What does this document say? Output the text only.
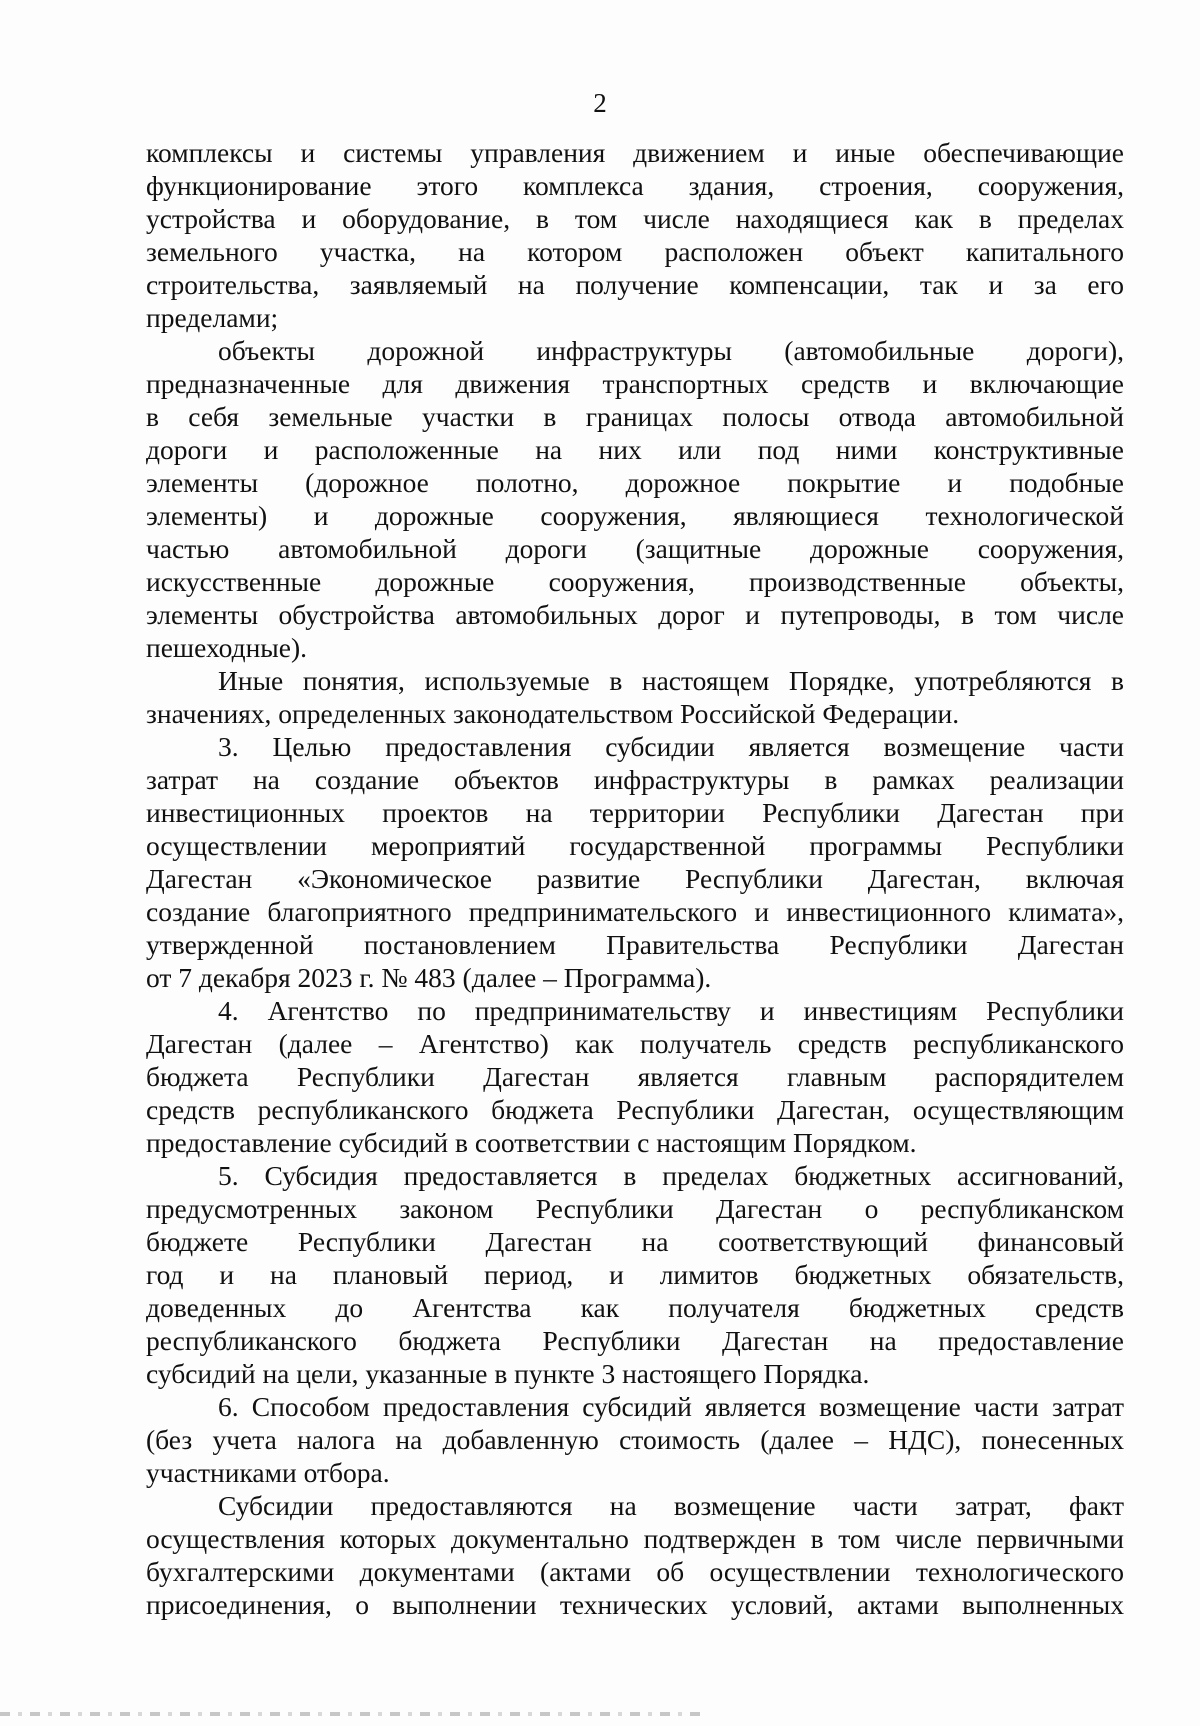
2
комплексы и системы управления движением и иные обеспечивающие
функционирование этого комплекса здания, строения, сооружения,
устройства и оборудование, в том числе находящиеся как в пределах
земельного участка, на котором расположен объект капитального
строительства, заявляемый на получение компенсации, так и за его
пределами;
объекты дорожной инфраструктуры (автомобильные дороги),
предназначенные для движения транспортных средств и включающие
в себя земельные участки в границах полосы отвода автомобильной
дороги и расположенные на них или под ними конструктивные
элементы (дорожное полотно, дорожное покрытие и подобные
элементы) и дорожные сооружения, являющиеся технологической
частью автомобильной дороги (защитные дорожные сооружения,
искусственные дорожные сооружения, производственные объекты,
элементы обустройства автомобильных дорог и путепроводы, в том числе
пешеходные).
Иные понятия, используемые в настоящем Порядке, употребляются в
значениях, определенных законодательством Российской Федерации.
3. Целью предоставления субсидии является возмещение части
затрат на создание объектов инфраструктуры в рамках реализации
инвестиционных проектов на территории Республики Дагестан при
осуществлении мероприятий государственной программы Республики
Дагестан «Экономическое развитие Республики Дагестан, включая
создание благоприятного предпринимательского и инвестиционного климата»,
утвержденной постановлением Правительства Республики Дагестан
от 7 декабря 2023 г. № 483 (далее – Программа).
4. Агентство по предпринимательству и инвестициям Республики
Дагестан (далее – Агентство) как получатель средств республиканского
бюджета Республики Дагестан является главным распорядителем
средств республиканского бюджета Республики Дагестан, осуществляющим
предоставление субсидий в соответствии с настоящим Порядком.
5. Субсидия предоставляется в пределах бюджетных ассигнований,
предусмотренных законом Республики Дагестан о республиканском
бюджете Республики Дагестан на соответствующий финансовый
год и на плановый период, и лимитов бюджетных обязательств,
доведенных до Агентства как получателя бюджетных средств
республиканского бюджета Республики Дагестан на предоставление
субсидий на цели, указанные в пункте 3 настоящего Порядка.
6. Способом предоставления субсидий является возмещение части затрат
(без учета налога на добавленную стоимость (далее – НДС), понесенных
участниками отбора.
Субсидии предоставляются на возмещение части затрат, факт
осуществления которых документально подтвержден в том числе первичными
бухгалтерскими документами (актами об осуществлении технологического
присоединения, о выполнении технических условий, актами выполненных
